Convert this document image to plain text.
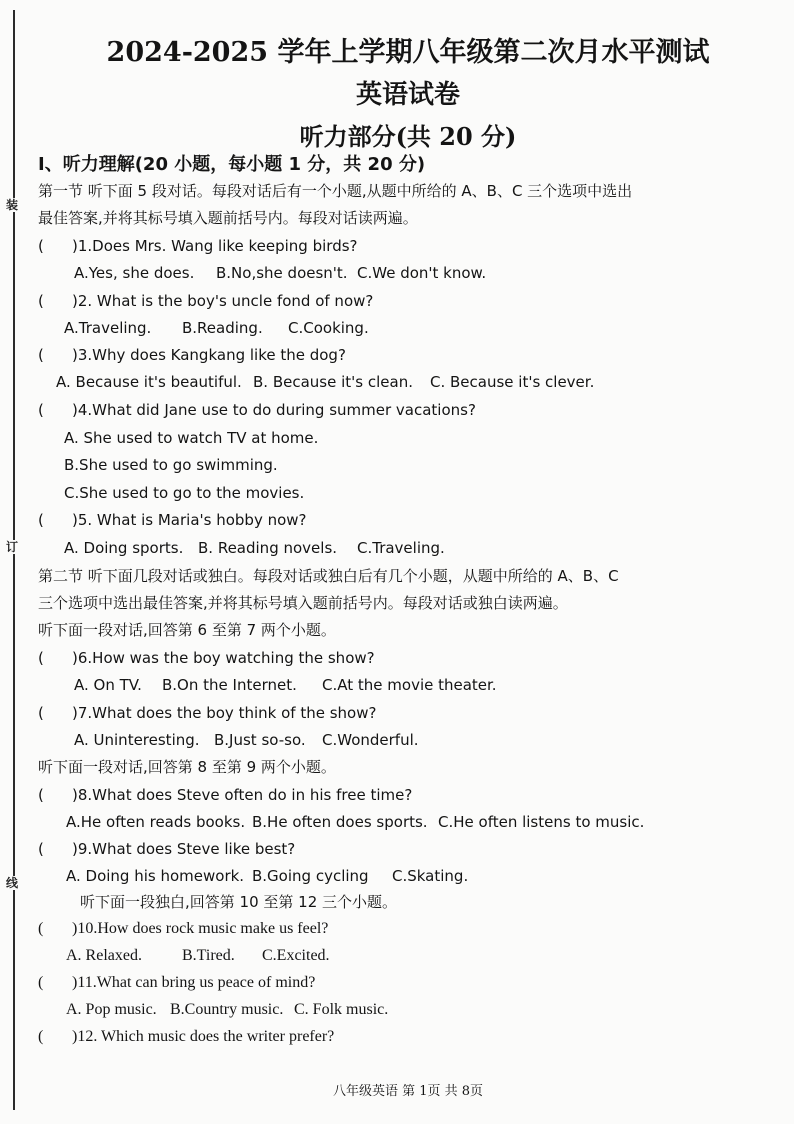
装
订
线
2024-2025 学年上学期八年级第二次月水平测试
英语试卷
听力部分(共 20 分)
Ⅰ、听力理解(20 小题，每小题 1 分，共 20 分)
第一节 听下面 5 段对话。每段对话后有一个小题,从题中所给的 A、B、C 三个选项中选出
最佳答案,并将其标号填入题前括号内。每段对话读两遍。
( )1.Does Mrs. Wang like keeping birds?
A.Yes, she does. B.No,she doesn't. C.We don't know.
( )2. What is the boy's uncle fond of now?
A.Traveling. B.Reading. C.Cooking.
( )3.Why does Kangkang like the dog?
A. Because it's beautiful. B. Because it's clean. C. Because it's clever.
( )4.What did Jane use to do during summer vacations?
A. She used to watch TV at home.
B.She used to go swimming.
C.She used to go to the movies.
( )5. What is Maria's hobby now?
A. Doing sports. B. Reading novels. C.Traveling.
第二节 听下面几段对话或独白。每段对话或独白后有几个小题，从题中所给的 A、B、C
三个选项中选出最佳答案,并将其标号填入题前括号内。每段对话或独白读两遍。
听下面一段对话,回答第 6 至第 7 两个小题。
( )6.How was the boy watching the show?
A. On TV. B.On the Internet. C.At the movie theater.
( )7.What does the boy think of the show?
A. Uninteresting. B.Just so-so. C.Wonderful.
听下面一段对话,回答第 8 至第 9 两个小题。
( )8.What does Steve often do in his free time?
A.He often reads books. B.He often does sports. C.He often listens to music.
( )9.What does Steve like best?
A. Doing his homework. B.Going cycling C.Skating.
听下面一段独白,回答第 10 至第 12 三个小题。
( )10.How does rock music make us feel?
A. Relaxed.	B.Tired. C.Excited.
( )11.What can bring us peace of mind?
A. Pop music. B.Country music. C. Folk music.
( )12. Which music does the writer prefer?
八年级英语 第 1页 共 8页
